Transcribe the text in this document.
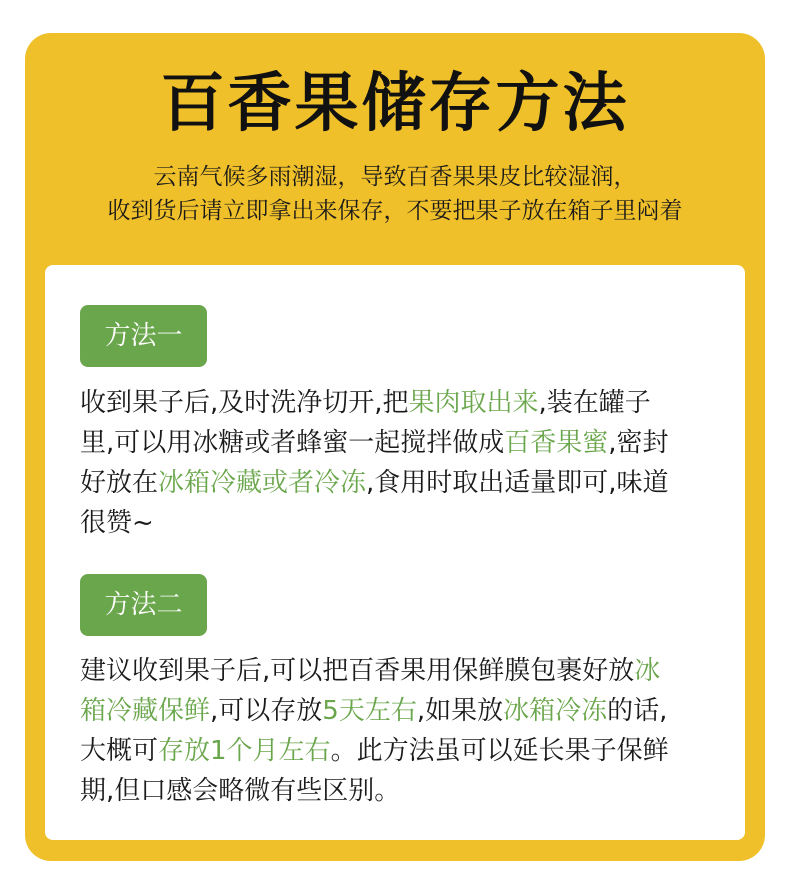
百香果储存方法
云南气候多雨潮湿，导致百香果果皮比较湿润，
收到货后请立即拿出来保存，不要把果子放在箱子里闷着
方法一
收到果子后,及时洗净切开,把果肉取出来,装在罐子
里,可以用冰糖或者蜂蜜一起搅拌做成百香果蜜,密封
好放在冰箱冷藏或者冷冻,食用时取出适量即可,味道
很赞~
方法二
建议收到果子后,可以把百香果用保鲜膜包裹好放冰
箱冷藏保鲜,可以存放5天左右,如果放冰箱冷冻的话,
大概可存放1个月左右。此方法虽可以延长果子保鲜
期,但口感会略微有些区别。
